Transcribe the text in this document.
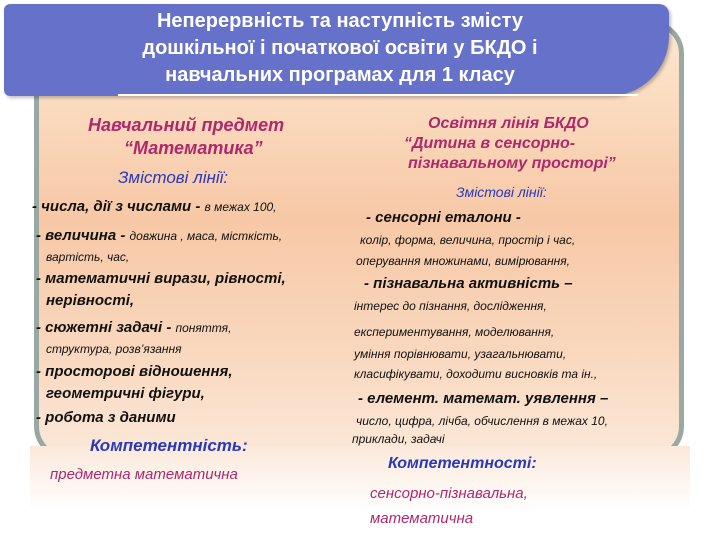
Неперервність та наступність змісту
дошкільної і початкової освіти у БКДО і
навчальних програмах для 1 класу
Навчальний предмет
“Математика”
Змістові лінії:
- числа, дії з числами - в межах 100,
- величина - довжина , маса, місткість,
вартість, час,
- математичні вирази, рівності,
нерівності,
- сюжетні задачі - поняття,
структура, розв’язання
- просторові відношення,
геометричні фігури,
- робота з даними
Компетентність:
предметна математична
Освітня лінія БКДО
“Дитина в сенсорно-
пізнавальному просторі”
Змістові лінії:
- сенсорні еталони -
колір, форма, величина, простір і час,
оперування множинами, вимірювання,
- пізнавальна активність –
інтерес до пізнання, дослідження,
експериментування, моделювання,
уміння порівнювати, узагальнювати,
класифікувати, доходити висновків та ін.,
- елемент. математ. уявлення –
число, цифра, лічба, обчислення в межах 10,
приклади, задачі
Компетентності:
сенсорно-пізнавальна,
математична
